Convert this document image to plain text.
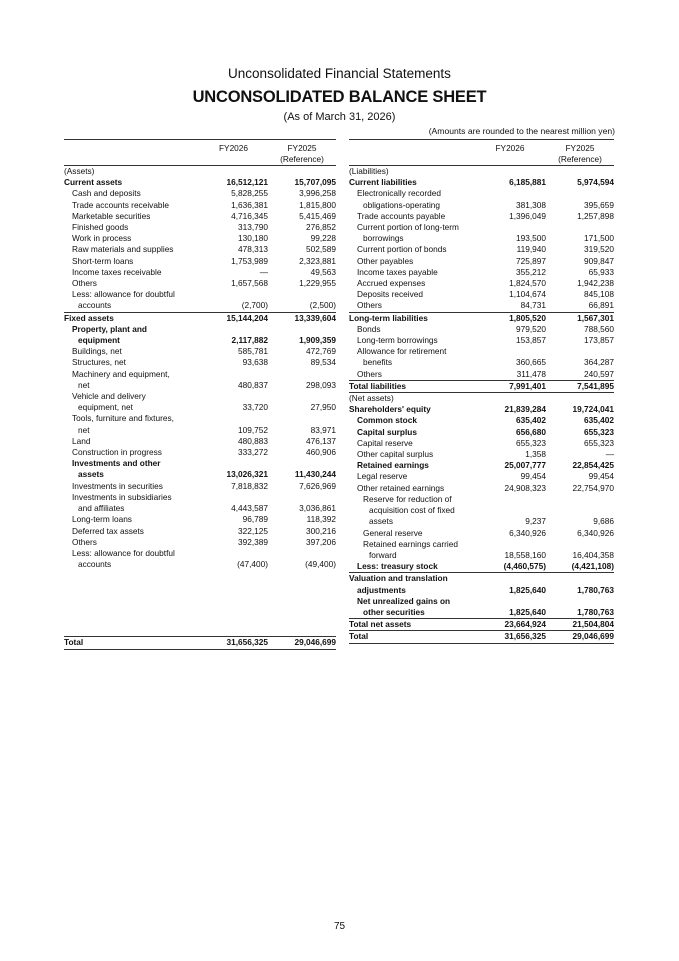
Unconsolidated Financial Statements
UNCONSOLIDATED BALANCE SHEET
(As of March 31, 2026)
(Amounts are rounded to the nearest million yen)
	FY2026	FY2025
(Reference)
(Assets)		
Current assets	16,512,121	15,707,095
Cash and deposits	5,828,255	3,996,258
Trade accounts receivable	1,636,381	1,815,800
Marketable securities	4,716,345	5,415,469
Finished goods	313,790	276,852
Work in process	130,180	99,228
Raw materials and supplies	478,313	502,589
Short-term loans	1,753,989	2,323,881
Income taxes receivable	—	49,563
Others	1,657,568	1,229,955
Less: allowance for doubtful		
accounts	(2,700)	(2,500)
Fixed assets	15,144,204	13,339,604
Property, plant and		
equipment	2,117,882	1,909,359
Buildings, net	585,781	472,769
Structures, net	93,638	89,534
Machinery and equipment,		
net	480,837	298,093
Vehicle and delivery		
equipment, net	33,720	27,950
Tools, furniture and fixtures,		
net	109,752	83,971
Land	480,883	476,137
Construction in progress	333,272	460,906
Investments and other		
assets	13,026,321	11,430,244
Investments in securities	7,818,832	7,626,969
Investments in subsidiaries		
and affiliates	4,443,587	3,036,861
Long-term loans	96,789	118,392
Deferred tax assets	322,125	300,216
Others	392,389	397,206
Less: allowance for doubtful		
accounts	(47,400)	(49,400)

Total	31,656,325	29,046,699
	FY2026	FY2025
(Reference)
(Liabilities)		
Current liabilities	6,185,881	5,974,594
Electronically recorded		
obligations-operating	381,308	395,659
Trade accounts payable	1,396,049	1,257,898
Current portion of long-term		
borrowings	193,500	171,500
Current portion of bonds	119,940	319,520
Other payables	725,897	909,847
Income taxes payable	355,212	65,933
Accrued expenses	1,824,570	1,942,238
Deposits received	1,104,674	845,108
Others	84,731	66,891
Long-term liabilities	1,805,520	1,567,301
Bonds	979,520	788,560
Long-term borrowings	153,857	173,857
Allowance for retirement		
benefits	360,665	364,287
Others	311,478	240,597
Total liabilities	7,991,401	7,541,895
(Net assets)		
Shareholders' equity	21,839,284	19,724,041
Common stock	635,402	635,402
Capital surplus	656,680	655,323
Capital reserve	655,323	655,323
Other capital surplus	1,358	—
Retained earnings	25,007,777	22,854,425
Legal reserve	99,454	99,454
Other retained earnings	24,908,323	22,754,970
Reserve for reduction of		
acquisition cost of fixed		
assets	9,237	9,686
General reserve	6,340,926	6,340,926
Retained earnings carried		
forward	18,558,160	16,404,358
Less: treasury stock	(4,460,575)	(4,421,108)
Valuation and translation		
adjustments	1,825,640	1,780,763
Net unrealized gains on		
other securities	1,825,640	1,780,763
Total net assets	23,664,924	21,504,804
Total	31,656,325	29,046,699
75
